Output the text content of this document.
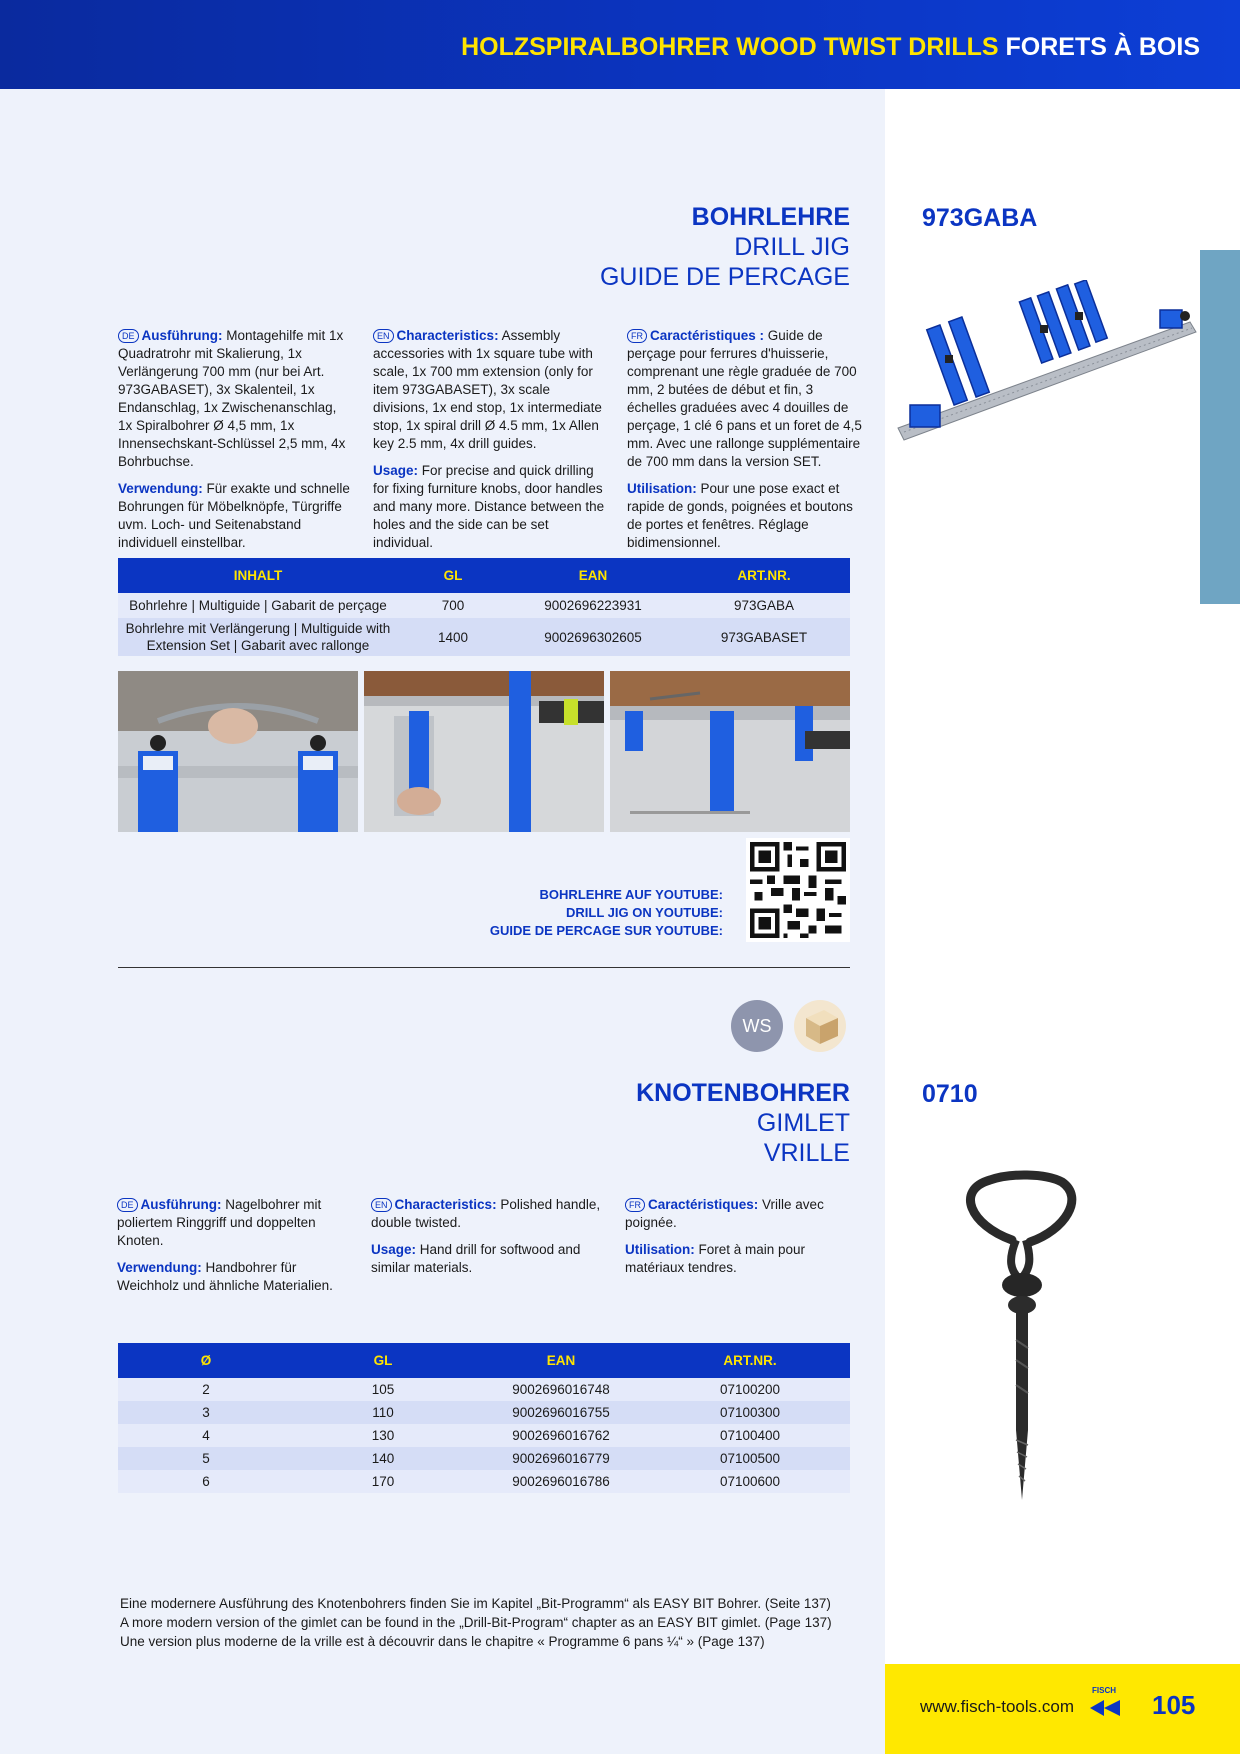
HOLZSPIRALBOHRER WOOD TWIST DRILLS FORETS À BOIS
BOHRLEHRE
DRILL JIG
GUIDE DE PERCAGE
973GABA

DE Ausführung: Montagehilfe mit 1x Quadratrohr mit Skalierung, 1x Verlängerung 700 mm (nur bei Art. 973GABASET), 3x Skalenteil, 1x Endanschlag, 1x Zwischenanschlag, 1x Spiralbohrer Ø 4,5 mm, 1x Innensechskant-Schlüssel 2,5 mm, 4x Bohrbuchse.

Verwendung: Für exakte und schnelle Bohrungen für Möbelknöpfe, Türgriffe uvm. Loch- und Seitenabstand individuell einstellbar.

EN Characteristics: Assembly accessories with 1x square tube with scale, 1x 700 mm extension (only for item 973GABASET), 3x scale divisions, 1x end stop, 1x intermediate stop, 1x spiral drill Ø 4.5 mm, 1x Allen key 2.5 mm, 4x drill guides.

Usage: For precise and quick drilling for fixing furniture knobs, door handles and many more. Distance between the holes and the side can be set individual.

FR Caractéristiques : Guide de perçage pour ferrures d'huisserie, comprenant une règle graduée de 700 mm, 2 butées de début et fin, 3 échelles graduées avec 4 douilles de perçage, 1 clé 6 pans et un foret de 4,5 mm. Avec une rallonge supplémentaire de 700 mm dans la version SET.

Utilisation: Pour une pose exact et rapide de gonds, poignées et boutons de portes et fenêtres. Réglage bidimensionnel.

INHALT	GL	EAN	ART.NR.
Bohrlehre | Multiguide | Gabarit de perçage	700	9002696223931	973GABA
Bohrlehre mit Verlängerung | Multiguide with Extension Set | Gabarit avec rallonge	1400	9002696302605	973GABASET
BOHRLEHRE AUF YOUTUBE:
DRILL JIG ON YOUTUBE:
GUIDE DE PERCAGE SUR YOUTUBE:
WS
KNOTENBOHRER
GIMLET
VRILLE
0710

DE Ausführung: Nagelbohrer mit poliertem Ringgriff und doppelten Knoten.

Verwendung: Handbohrer für Weichholz und ähnliche Materialien.

EN Characteristics: Polished handle, double twisted.

Usage: Hand drill for softwood and similar materials.

FR Caractéristiques: Vrille avec poignée.

Utilisation: Foret à main pour matériaux tendres.

Ø	GL	EAN	ART.NR.
2	105	9002696016748	07100200
3	110	9002696016755	07100300
4	130	9002696016762	07100400
5	140	9002696016779	07100500
6	170	9002696016786	07100600
Eine modernere Ausführung des Knotenbohrers finden Sie im Kapitel „Bit-Programm“ als EASY BIT Bohrer. (Seite 137)
A more modern version of the gimlet can be found in the „Drill-Bit-Program“ chapter as an EASY BIT gimlet. (Page 137)
Une version plus moderne de la vrille est à découvrir dans le chapitre « Programme 6 pans ¼“ » (Page 137)
www.fisch-tools.com
FISCH 105
